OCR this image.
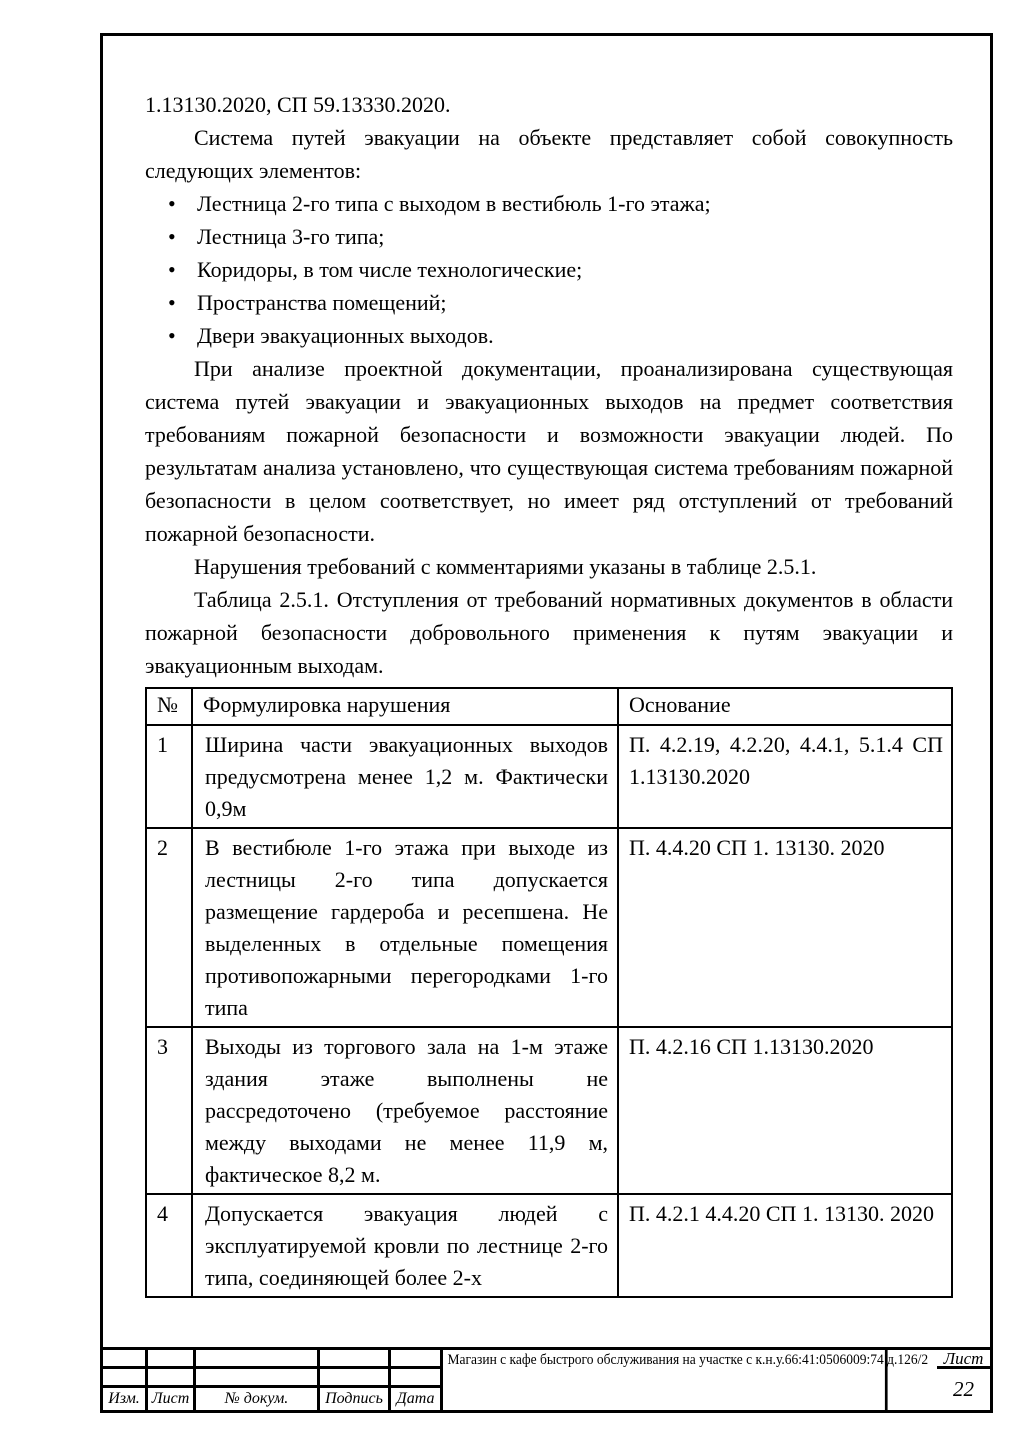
1.13130.2020, СП 59.13330.2020.
Система путей эвакуации на объекте представляет собой совокупность следующих элементов:
• Лестница 2-го типа с выходом в вестибюль 1-го этажа;
• Лестница 3-го типа;
• Коридоры, в том числе технологические;
• Пространства помещений;
• Двери эвакуационных выходов.
При анализе проектной документации, проанализирована существующая система путей эвакуации и эвакуационных выходов на предмет соответствия требованиям пожарной безопасности и возможности эвакуации людей. По результатам анализа установлено, что существующая система требованиям пожарной безопасности в целом соответствует, но имеет ряд отступлений от требований пожарной безопасности.
Нарушения требований с комментариями указаны в таблице 2.5.1.
Таблица 2.5.1. Отступления от требований нормативных документов в области пожарной безопасности добровольного применения к путям эвакуации и эвакуационным выходам.
№	Формулировка нарушения	Основание
1	Ширина части эвакуационных выходов предусмотрена менее 1,2 м. Фактически 0,9м	П. 4.2.19, 4.2.20, 4.4.1, 5.1.4 СП 1.13130.2020
2	В вестибюле 1-го этажа при выходе из лестницы 2-го типа допускается размещение гардероба и ресепшена. Не выделенных в отдельные помещения противопожарными перегородками 1-го типа	П. 4.4.20 СП 1. 13130. 2020
3	Выходы из торгового зала на 1-м этаже здания этаже выполнены не рассредоточено (требуемое расстояние между выходами не менее 11,9 м, фактическое 8,2 м.	П. 4.2.16 СП 1.13130.2020
4	Допускается эвакуация людей с эксплуатируемой кровли по лестнице 2-го типа, соединяющей более 2-х	П. 4.2.1 4.4.20 СП 1. 13130. 2020
Изм. Лист	№ докум.	Подпись Дата
Магазин с кафе быстрого обслуживания на участке с к.н.у.66:41:0506009:74 д.126/2 Лист
22
